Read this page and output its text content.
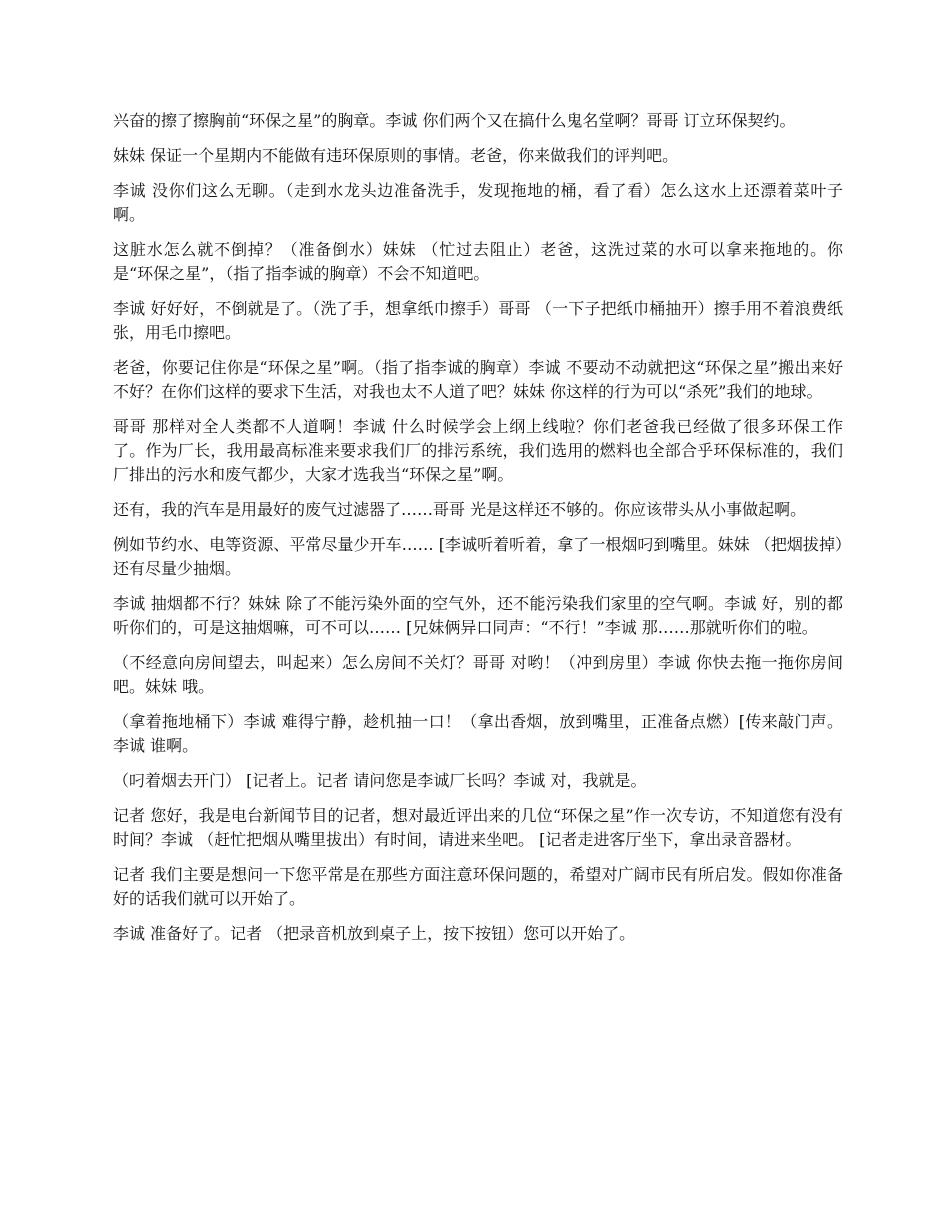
兴奋的擦了擦胸前“环保之星”的胸章。李诚 你们两个又在搞什么鬼名堂啊？哥哥 订立环保契约。

妹妹 保证一个星期内不能做有违环保原则的事情。老爸，你来做我们的评判吧。

李诚 没你们这么无聊。（走到水龙头边准备洗手，发现拖地的桶，看了看）怎么这水上还漂着菜叶子啊。

这脏水怎么就不倒掉？（准备倒水）妹妹 （忙过去阻止）老爸，这洗过菜的水可以拿来拖地的。你是“环保之星”，（指了指李诚的胸章）不会不知道吧。

李诚 好好好，不倒就是了。（洗了手，想拿纸巾擦手）哥哥 （一下子把纸巾桶抽开）擦手用不着浪费纸张，用毛巾擦吧。

老爸，你要记住你是“环保之星”啊。（指了指李诚的胸章）李诚 不要动不动就把这“环保之星”搬出来好不好？在你们这样的要求下生活，对我也太不人道了吧？妹妹 你这样的行为可以“杀死”我们的地球。

哥哥 那样对全人类都不人道啊！李诚 什么时候学会上纲上线啦？你们老爸我已经做了很多环保工作了。作为厂长，我用最高标准来要求我们厂的排污系统，我们选用的燃料也全部合乎环保标准的，我们厂排出的污水和废气都少，大家才选我当“环保之星”啊。

还有，我的汽车是用最好的废气过滤器了……哥哥 光是这样还不够的。你应该带头从小事做起啊。

例如节约水、电等资源、平常尽量少开车…… [李诚听着听着，拿了一根烟叼到嘴里。妹妹 （把烟拔掉）还有尽量少抽烟。

李诚 抽烟都不行？妹妹 除了不能污染外面的空气外，还不能污染我们家里的空气啊。李诚 好，别的都听你们的，可是这抽烟嘛，可不可以…… [兄妹俩异口同声：“不行！”李诚 那……那就听你们的啦。

（不经意向房间望去，叫起来）怎么房间不关灯？哥哥 对哟！（冲到房里）李诚 你快去拖一拖你房间吧。妹妹 哦。

（拿着拖地桶下）李诚 难得宁静，趁机抽一口！（拿出香烟，放到嘴里，正准备点燃）[传来敲门声。李诚 谁啊。

（叼着烟去开门） [记者上。记者 请问您是李诚厂长吗？李诚 对，我就是。

记者 您好，我是电台新闻节目的记者，想对最近评出来的几位“环保之星”作一次专访，不知道您有没有时间？李诚 （赶忙把烟从嘴里拔出）有时间，请进来坐吧。 [记者走进客厅坐下，拿出录音器材。

记者 我们主要是想问一下您平常是在那些方面注意环保问题的，希望对广阔市民有所启发。假如你准备好的话我们就可以开始了。

李诚 准备好了。记者 （把录音机放到桌子上，按下按钮）您可以开始了。
